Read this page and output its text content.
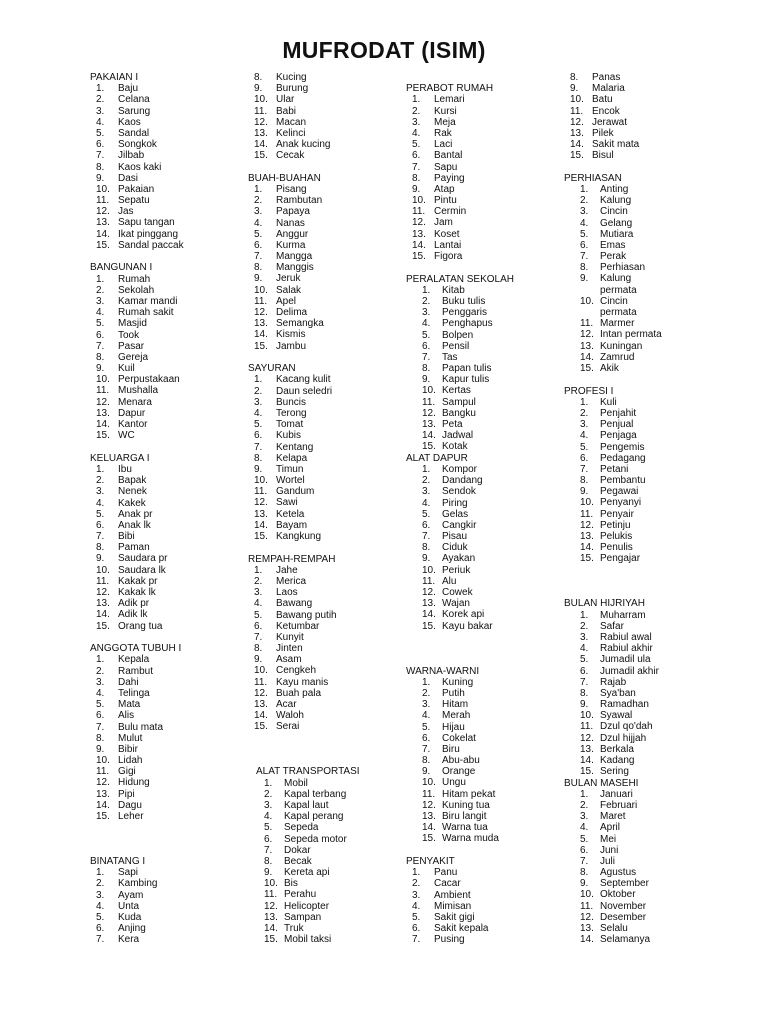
MUFRODAT (ISIM)
PAKAIAN I
1. Baju
2. Celana
3. Sarung
4. Kaos
5. Sandal
6. Songkok
7. Jilbab
8. Kaos kaki
9. Dasi
10. Pakaian
11. Sepatu
12. Jas
13. Sapu tangan
14. Ikat pinggang
15. Sandal paccak
BANGUNAN I
1. Rumah
2. Sekolah
3. Kamar mandi
4. Rumah sakit
5. Masjid
6. Took
7. Pasar
8. Gereja
9. Kuil
10. Perpustakaan
11. Mushalla
12. Menara
13. Dapur
14. Kantor
15. WC
KELUARGA I
1. Ibu
2. Bapak
3. Nenek
4. Kakek
5. Anak pr
6. Anak lk
7. Bibi
8. Paman
9. Saudara pr
10. Saudara lk
11. Kakak pr
12. Kakak lk
13. Adik pr
14. Adik lk
15. Orang tua
ANGGOTA TUBUH I
1. Kepala
2. Rambut
3. Dahi
4. Telinga
5. Mata
6. Alis
7. Bulu mata
8. Mulut
9. Bibir
10. Lidah
11. Gigi
12. Hidung
13. Pipi
14. Dagu
15. Leher
BINATANG I
1. Sapi
2. Kambing
3. Ayam
4. Unta
5. Kuda
6. Anjing
7. Kera
8. Kucing
9. Burung
10. Ular
11. Babi
12. Macan
13. Kelinci
14. Anak kucing
15. Cecak
BUAH-BUAHAN
1. Pisang
2. Rambutan
3. Papaya
4. Nanas
5. Anggur
6. Kurma
7. Mangga
8. Manggis
9. Jeruk
10. Salak
11. Apel
12. Delima
13. Semangka
14. Kismis
15. Jambu
SAYURAN
1. Kacang kulit
2. Daun seledri
3. Buncis
4. Terong
5. Tomat
6. Kubis
7. Kentang
8. Kelapa
9. Timun
10. Wortel
11. Gandum
12. Sawi
13. Ketela
14. Bayam
15. Kangkung
REMPAH-REMPAH
1. Jahe
2. Merica
3. Laos
4. Bawang
5. Bawang putih
6. Ketumbar
7. Kunyit
8. Jinten
9. Asam
10. Cengkeh
11. Kayu manis
12. Buah pala
13. Acar
14. Waloh
15. Serai
ALAT TRANSPORTASI
1. Mobil
2. Kapal terbang
3. Kapal laut
4. Kapal perang
5. Sepeda
6. Sepeda motor
7. Dokar
8. Becak
9. Kereta api
10. Bis
11. Perahu
12. Helicopter
13. Sampan
14. Truk
15. Mobil taksi
PERABOT RUMAH
1. Lemari
2. Kursi
3. Meja
4. Rak
5. Laci
6. Bantal
7. Sapu
8. Paying
9. Atap
10. Pintu
11. Cermin
12. Jam
13. Koset
14. Lantai
15. Figora
PERALATAN SEKOLAH
1. Kitab
2. Buku tulis
3. Penggaris
4. Penghapus
5. Bolpen
6. Pensil
7. Tas
8. Papan tulis
9. Kapur tulis
10. Kertas
11. Sampul
12. Bangku
13. Peta
14. Jadwal
15. Kotak
ALAT DAPUR
1. Kompor
2. Dandang
3. Sendok
4. Piring
5. Gelas
6. Cangkir
7. Pisau
8. Ciduk
9. Ayakan
10. Periuk
11. Alu
12. Cowek
13. Wajan
14. Korek api
15. Kayu bakar
WARNA-WARNI
1. Kuning
2. Putih
3. Hitam
4. Merah
5. Hijau
6. Cokelat
7. Biru
8. Abu-abu
9. Orange
10. Ungu
11. Hitam pekat
12. Kuning tua
13. Biru langit
14. Warna tua
15. Warna muda
PENYAKIT
1. Panu
2. Cacar
3. Ambient
4. Mimisan
5. Sakit gigi
6. Sakit kepala
7. Pusing
8. Panas
9. Malaria
10. Batu
11. Encok
12. Jerawat
13. Pilek
14. Sakit mata
15. Bisul
PERHIASAN
1. Anting
2. Kalung
3. Cincin
4. Gelang
5. Mutiara
6. Emas
7. Perak
8. Perhiasan
9. Kalung
permata
10. Cincin
permata
11. Marmer
12. Intan permata
13. Kuningan
14. Zamrud
15. Akik
PROFESI I
1. Kuli
2. Penjahit
3. Penjual
4. Penjaga
5. Pengemis
6. Pedagang
7. Petani
8. Pembantu
9. Pegawai
10. Penyanyi
11. Penyair
12. Petinju
13. Pelukis
14. Penulis
15. Pengajar
BULAN HIJRIYAH
1. Muharram
2. Safar
3. Rabiul awal
4. Rabiul akhir
5. Jumadil ula
6. Jumadil akhir
7. Rajab
8. Sya'ban
9. Ramadhan
10. Syawal
11. Dzul qo'dah
12. Dzul hijjah
13. Berkala
14. Kadang
15. Sering
BULAN MASEHI
1. Januari
2. Februari
3. Maret
4. April
5. Mei
6. Juni
7. Juli
8. Agustus
9. September
10. Oktober
11. November
12. Desember
13. Selalu
14. Selamanya
